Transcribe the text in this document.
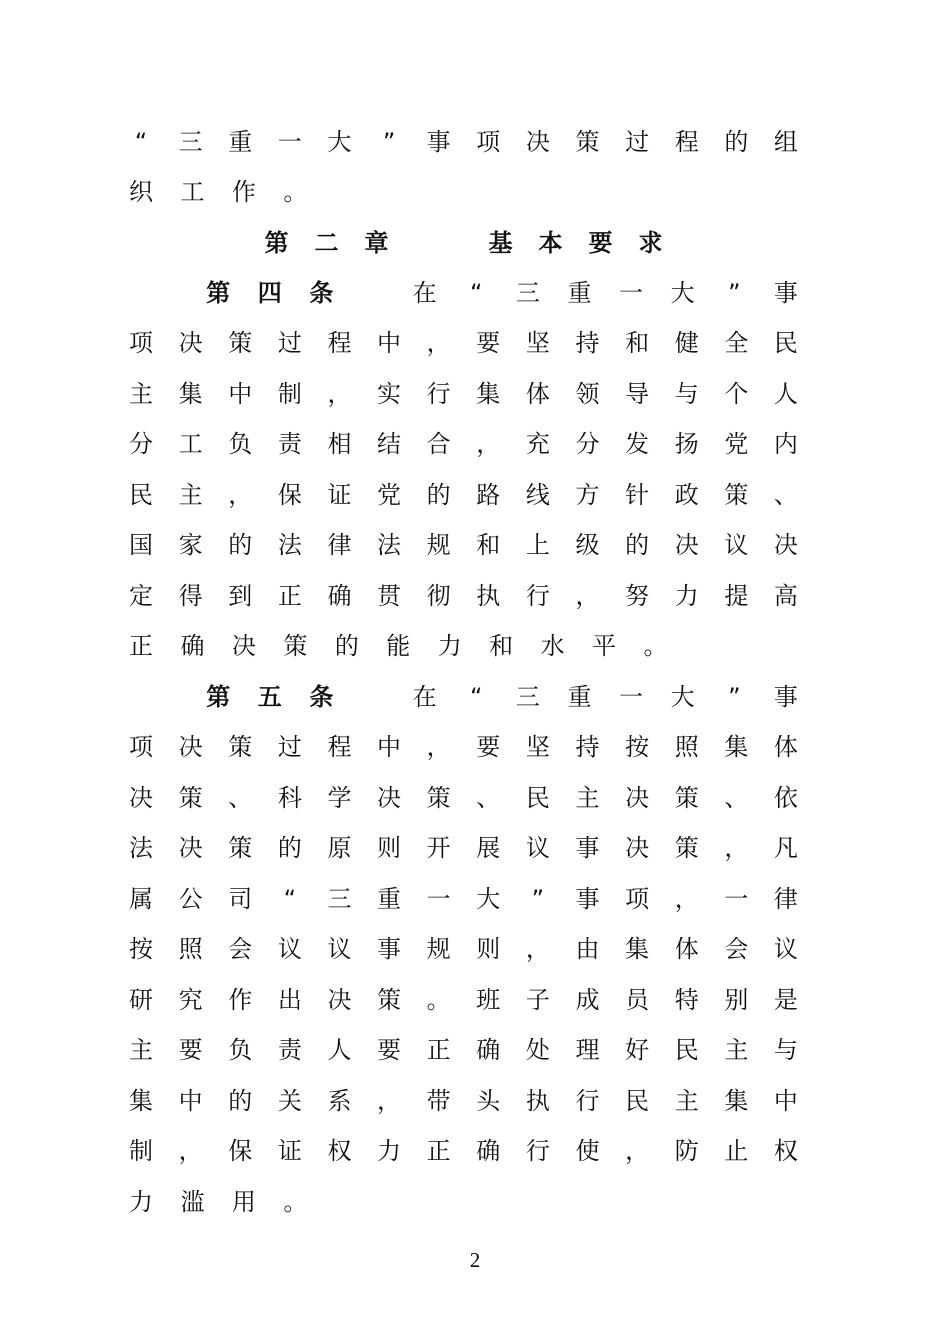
“ 三 重 一 大 ” 事 项 决 策 过 程 的 组
织	工	作	。
第 二 章	基 本 要 求
第 四 条	在 “ 三 重 一 大 ” 事
项 决 策 过 程 中 ， 要 坚 持 和 健 全 民
主 集 中 制 ， 实 行 集 体 领 导 与 个 人
分 工 负 责 相 结 合 ， 充 分 发 扬 党 内
民 主 ， 保 证 党 的 路 线 方 针 政 策 、
国 家 的 法 律 法 规 和 上 级 的 决 议 决
定 得 到 正 确 贯 彻 执 行 ， 努 力 提 高
正	确	决	策	的	能	力	和	水	平	。
第 五 条	在 “ 三 重 一 大 ” 事
项 决 策 过 程 中 ， 要 坚 持 按 照 集 体
决 策 、 科 学 决 策 、 民 主 决 策 、 依
法 决 策 的 原 则 开 展 议 事 决 策 ， 凡
属 公 司 “ 三 重 一 大 ” 事 项 ， 一 律
按 照 会 议 议 事 规 则 ， 由 集 体 会 议
研 究 作 出 决 策 。 班 子 成 员 特 别 是
主 要 负 责 人 要 正 确 处 理 好 民 主 与
集 中 的 关 系 ， 带 头 执 行 民 主 集 中
制 ， 保 证 权 力 正 确 行 使 ， 防 止 权
力	滥	用	。
2
